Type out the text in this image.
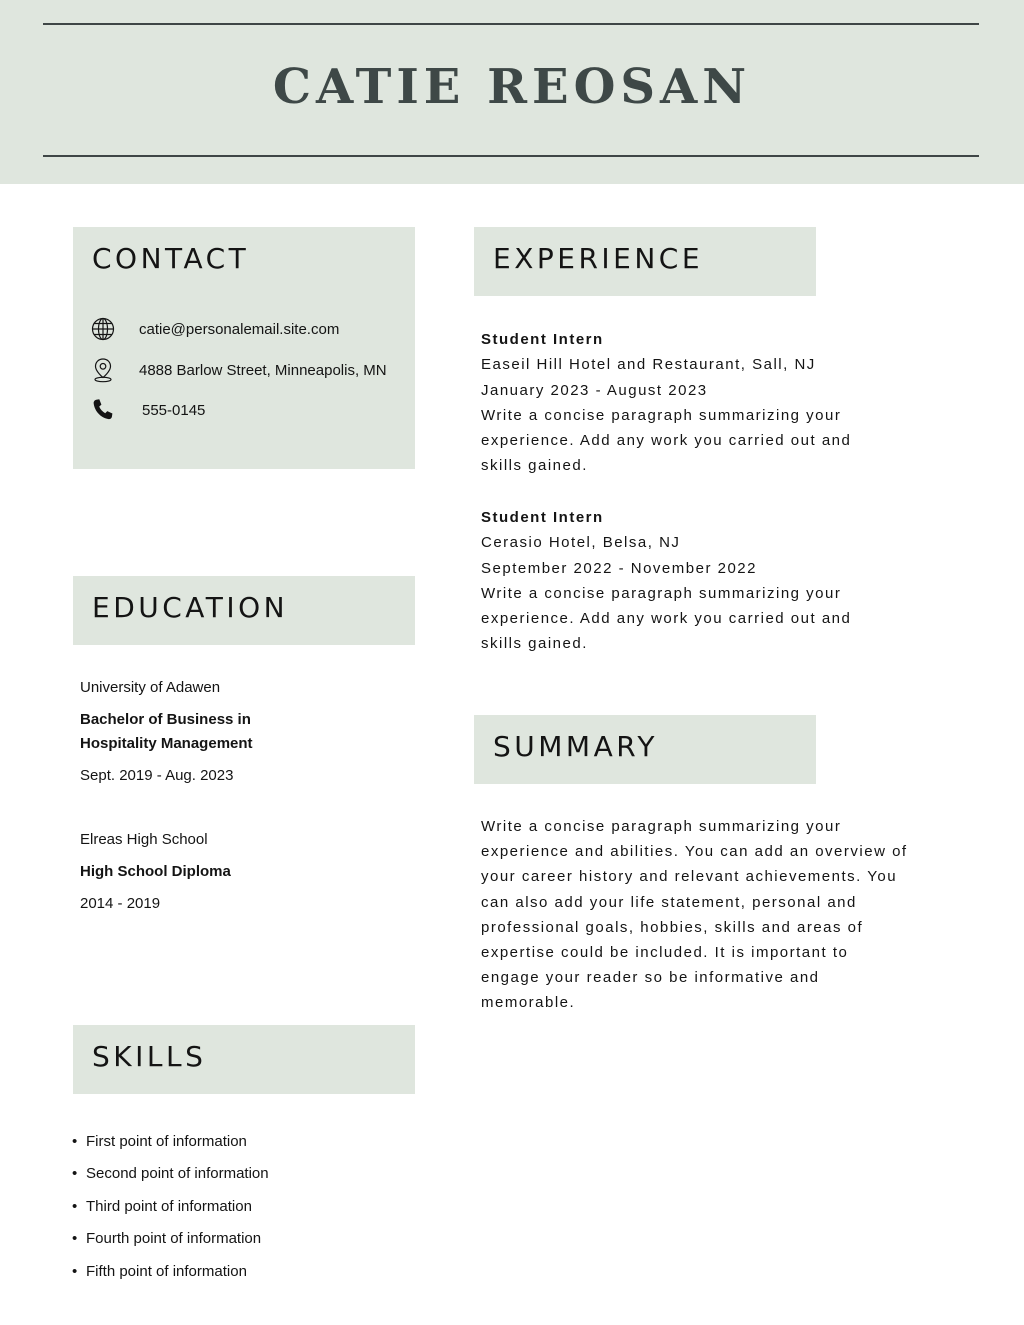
CATIE REOSAN
CONTACT
catie@personalemail.site.com
4888 Barlow Street, Minneapolis, MN
555-0145
EDUCATION
University of Adawen
Bachelor of Business in
Hospitality Management
Sept. 2019 - Aug. 2023
Elreas High School
High School Diploma
2014 - 2019
SKILLS
• First point of information
• Second point of information
• Third point of information
• Fourth point of information
• Fifth point of information
EXPERIENCE
Student Intern
Easeil Hill Hotel and Restaurant, Sall, NJ
January 2023 - August 2023
Write a concise paragraph summarizing your
experience. Add any work you carried out and
skills gained.
Student Intern
Cerasio Hotel, Belsa, NJ
September 2022 - November 2022
Write a concise paragraph summarizing your
experience. Add any work you carried out and
skills gained.
SUMMARY
Write a concise paragraph summarizing your
experience and abilities. You can add an overview of
your career history and relevant achievements. You
can also add your life statement, personal and
professional goals, hobbies, skills and areas of
expertise could be included. It is important to
engage your reader so be informative and
memorable.
